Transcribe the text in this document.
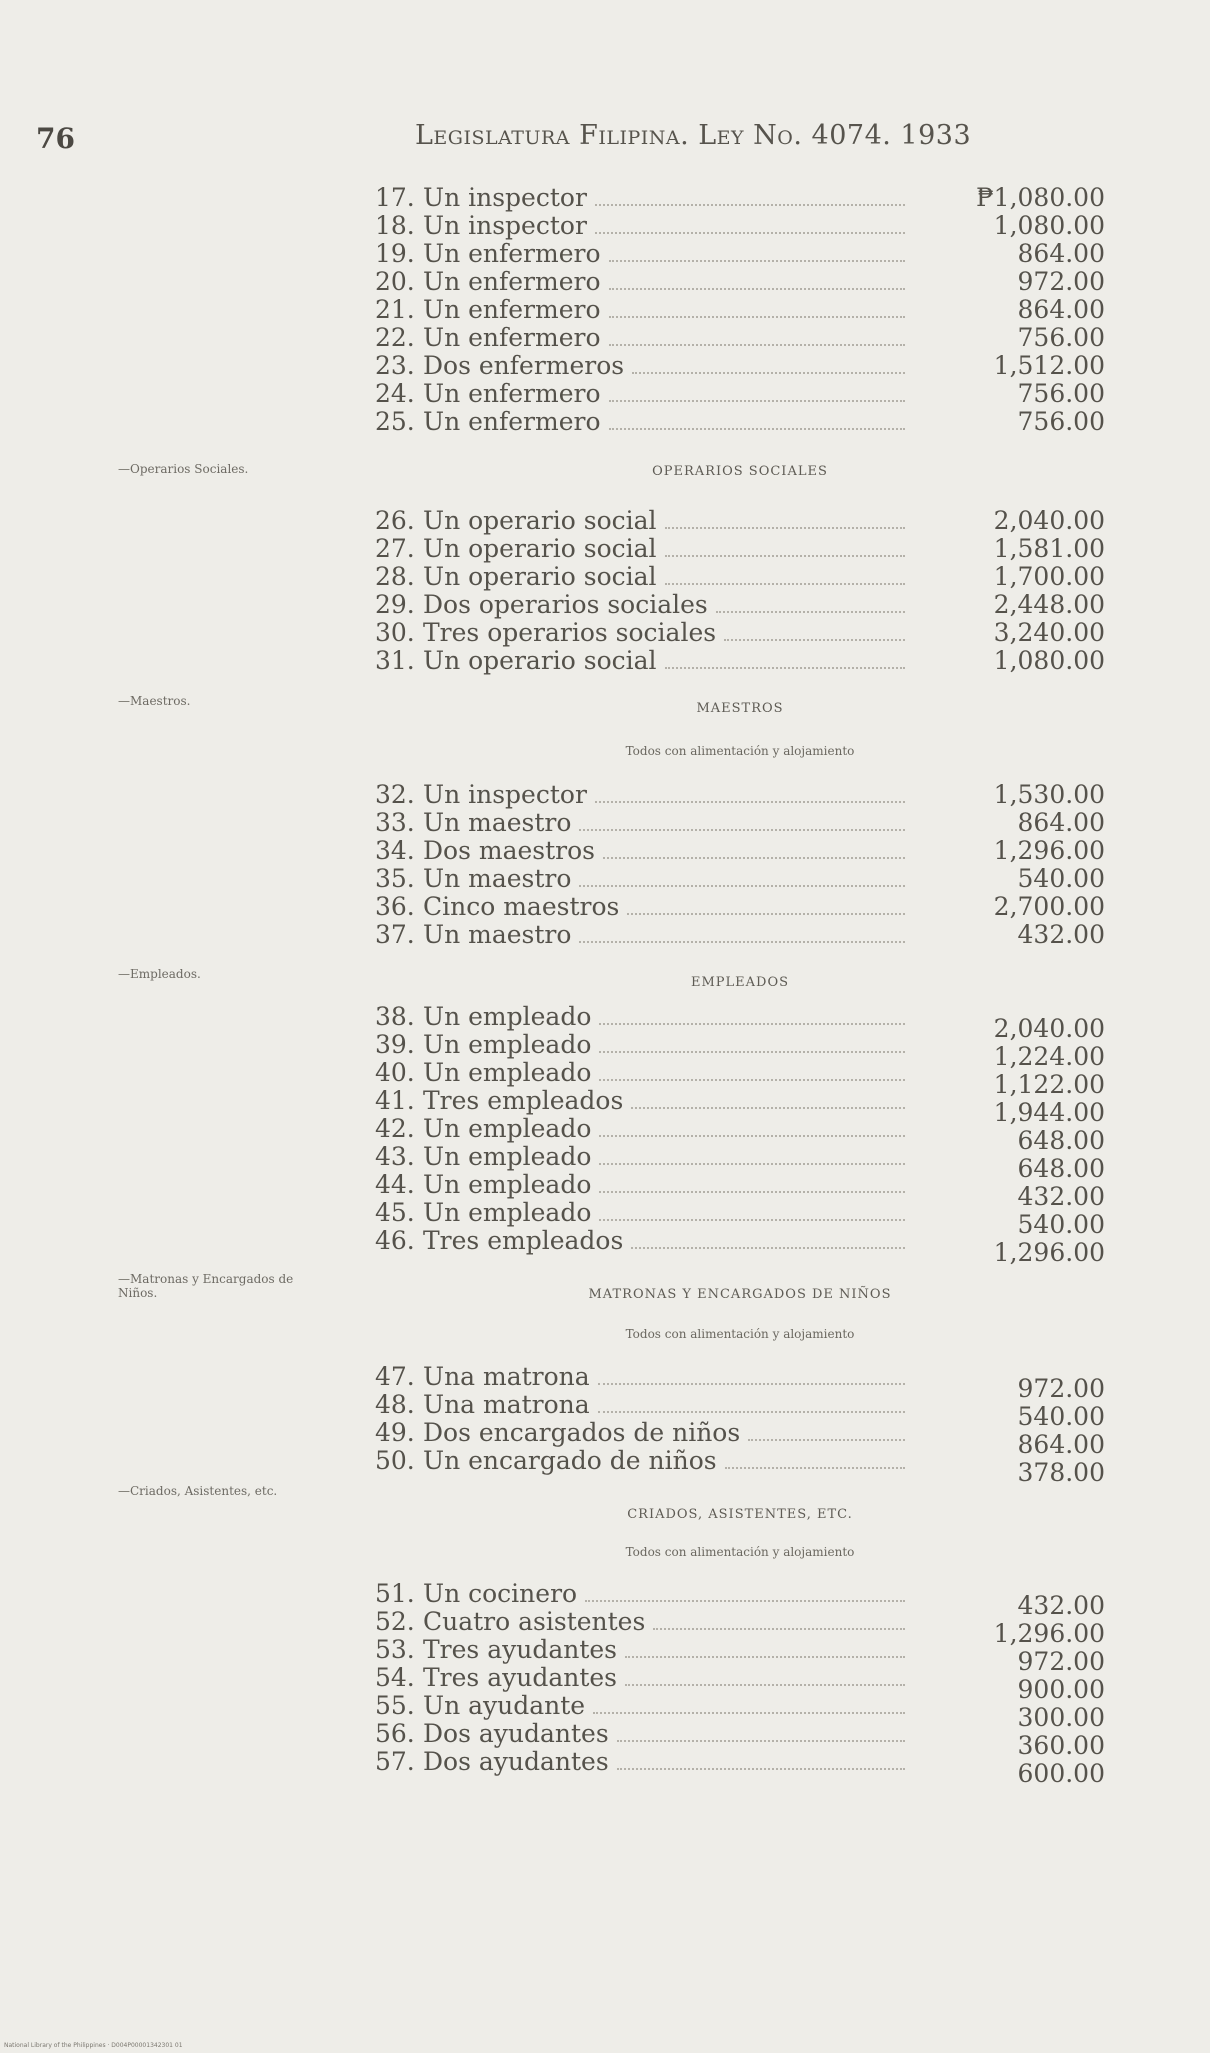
76	Legislatura Filipina. Ley No. 4074. 1933
—Operarios Sociales.
—Maestros.
—Empleados.
—Matronas y Encargados de Niños.
—Criados, Asistentes, etc.
OPERARIOS SOCIALES
MAESTROS
Todos con alimentación y alojamiento
EMPLEADOS
MATRONAS Y ENCARGADOS DE NIÑOS
Todos con alimentación y alojamiento
CRIADOS, ASISTENTES, ETC.
Todos con alimentación y alojamiento
17. Un inspector	₱1,080.00
18. Un inspector	1,080.00
19. Un enfermero	864.00
20. Un enfermero	972.00
21. Un enfermero	864.00
22. Un enfermero	756.00
23. Dos enfermeros	1,512.00
24. Un enfermero	756.00
25. Un enfermero	756.00
26. Un operario social	2,040.00
27. Un operario social	1,581.00
28. Un operario social	1,700.00
29. Dos operarios sociales	2,448.00
30. Tres operarios sociales	3,240.00
31. Un operario social	1,080.00
32. Un inspector	1,530.00
33. Un maestro	864.00
34. Dos maestros	1,296.00
35. Un maestro	540.00
36. Cinco maestros	2,700.00
37. Un maestro	432.00
38. Un empleado	2,040.00
39. Un empleado	1,224.00
40. Un empleado	1,122.00
41. Tres empleados	1,944.00
42. Un empleado	648.00
43. Un empleado	648.00
44. Un empleado	432.00
45. Un empleado	540.00
46. Tres empleados	1,296.00
47. Una matrona	972.00
48. Una matrona	540.00
49. Dos encargados de niños	864.00
50. Un encargado de niños	378.00
51. Un cocinero	432.00
52. Cuatro asistentes	1,296.00
53. Tres ayudantes	972.00
54. Tres ayudantes	900.00
55. Un ayudante	300.00
56. Dos ayudantes	360.00
57. Dos ayudantes	600.00
National Library of the Philippines · D004P00001342301 01
